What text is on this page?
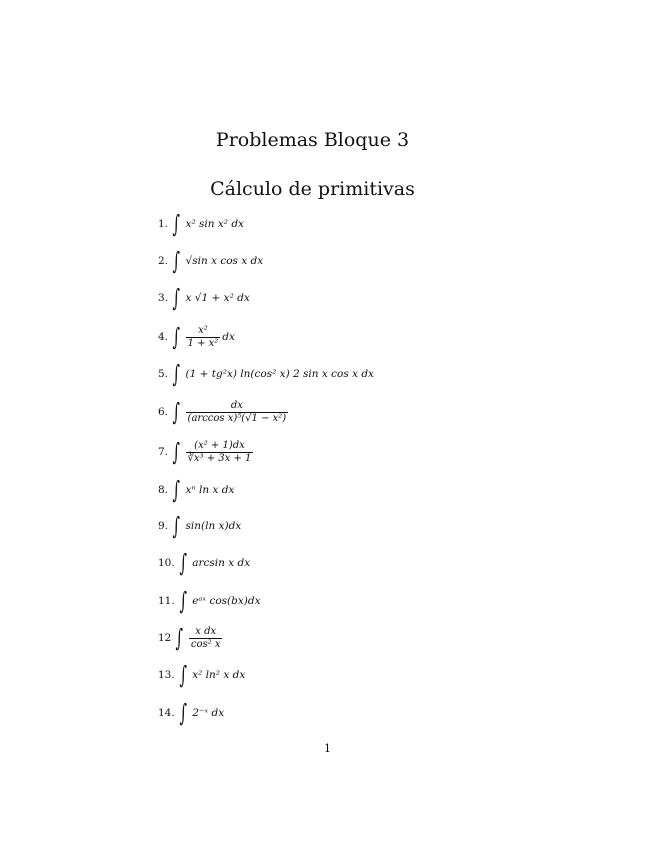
Problemas Bloque 3
Cálculo de primitivas
1. ∫ x² sin x² dx
2. ∫ √sin x cos x dx
3. ∫ x √1 + x² dx
4. ∫ $\frac{\text{x²}}{\text{1 + x²}}$ dx
5. ∫ (1 + tg²x) ln(cos² x) 2 sin x cos x dx
6. ∫ $\frac{dx}{\text{(arccos x)⁵(√1 − x²)}}$
7. ∫ $\frac{\text{(x² + 1)dx}}{\text{∛x³ + 3x + 1}}$
8. ∫ xⁿ ln x dx
9. ∫ sin(ln x)dx
10. ∫ arcsin x dx
11. ∫ eᵃˣ cos(bx)dx
12 ∫ $\frac{\text{x dx}}{\text{cos² x}}$
13. ∫ x² ln² x dx
14. ∫ 2⁻ˣ dx
1
